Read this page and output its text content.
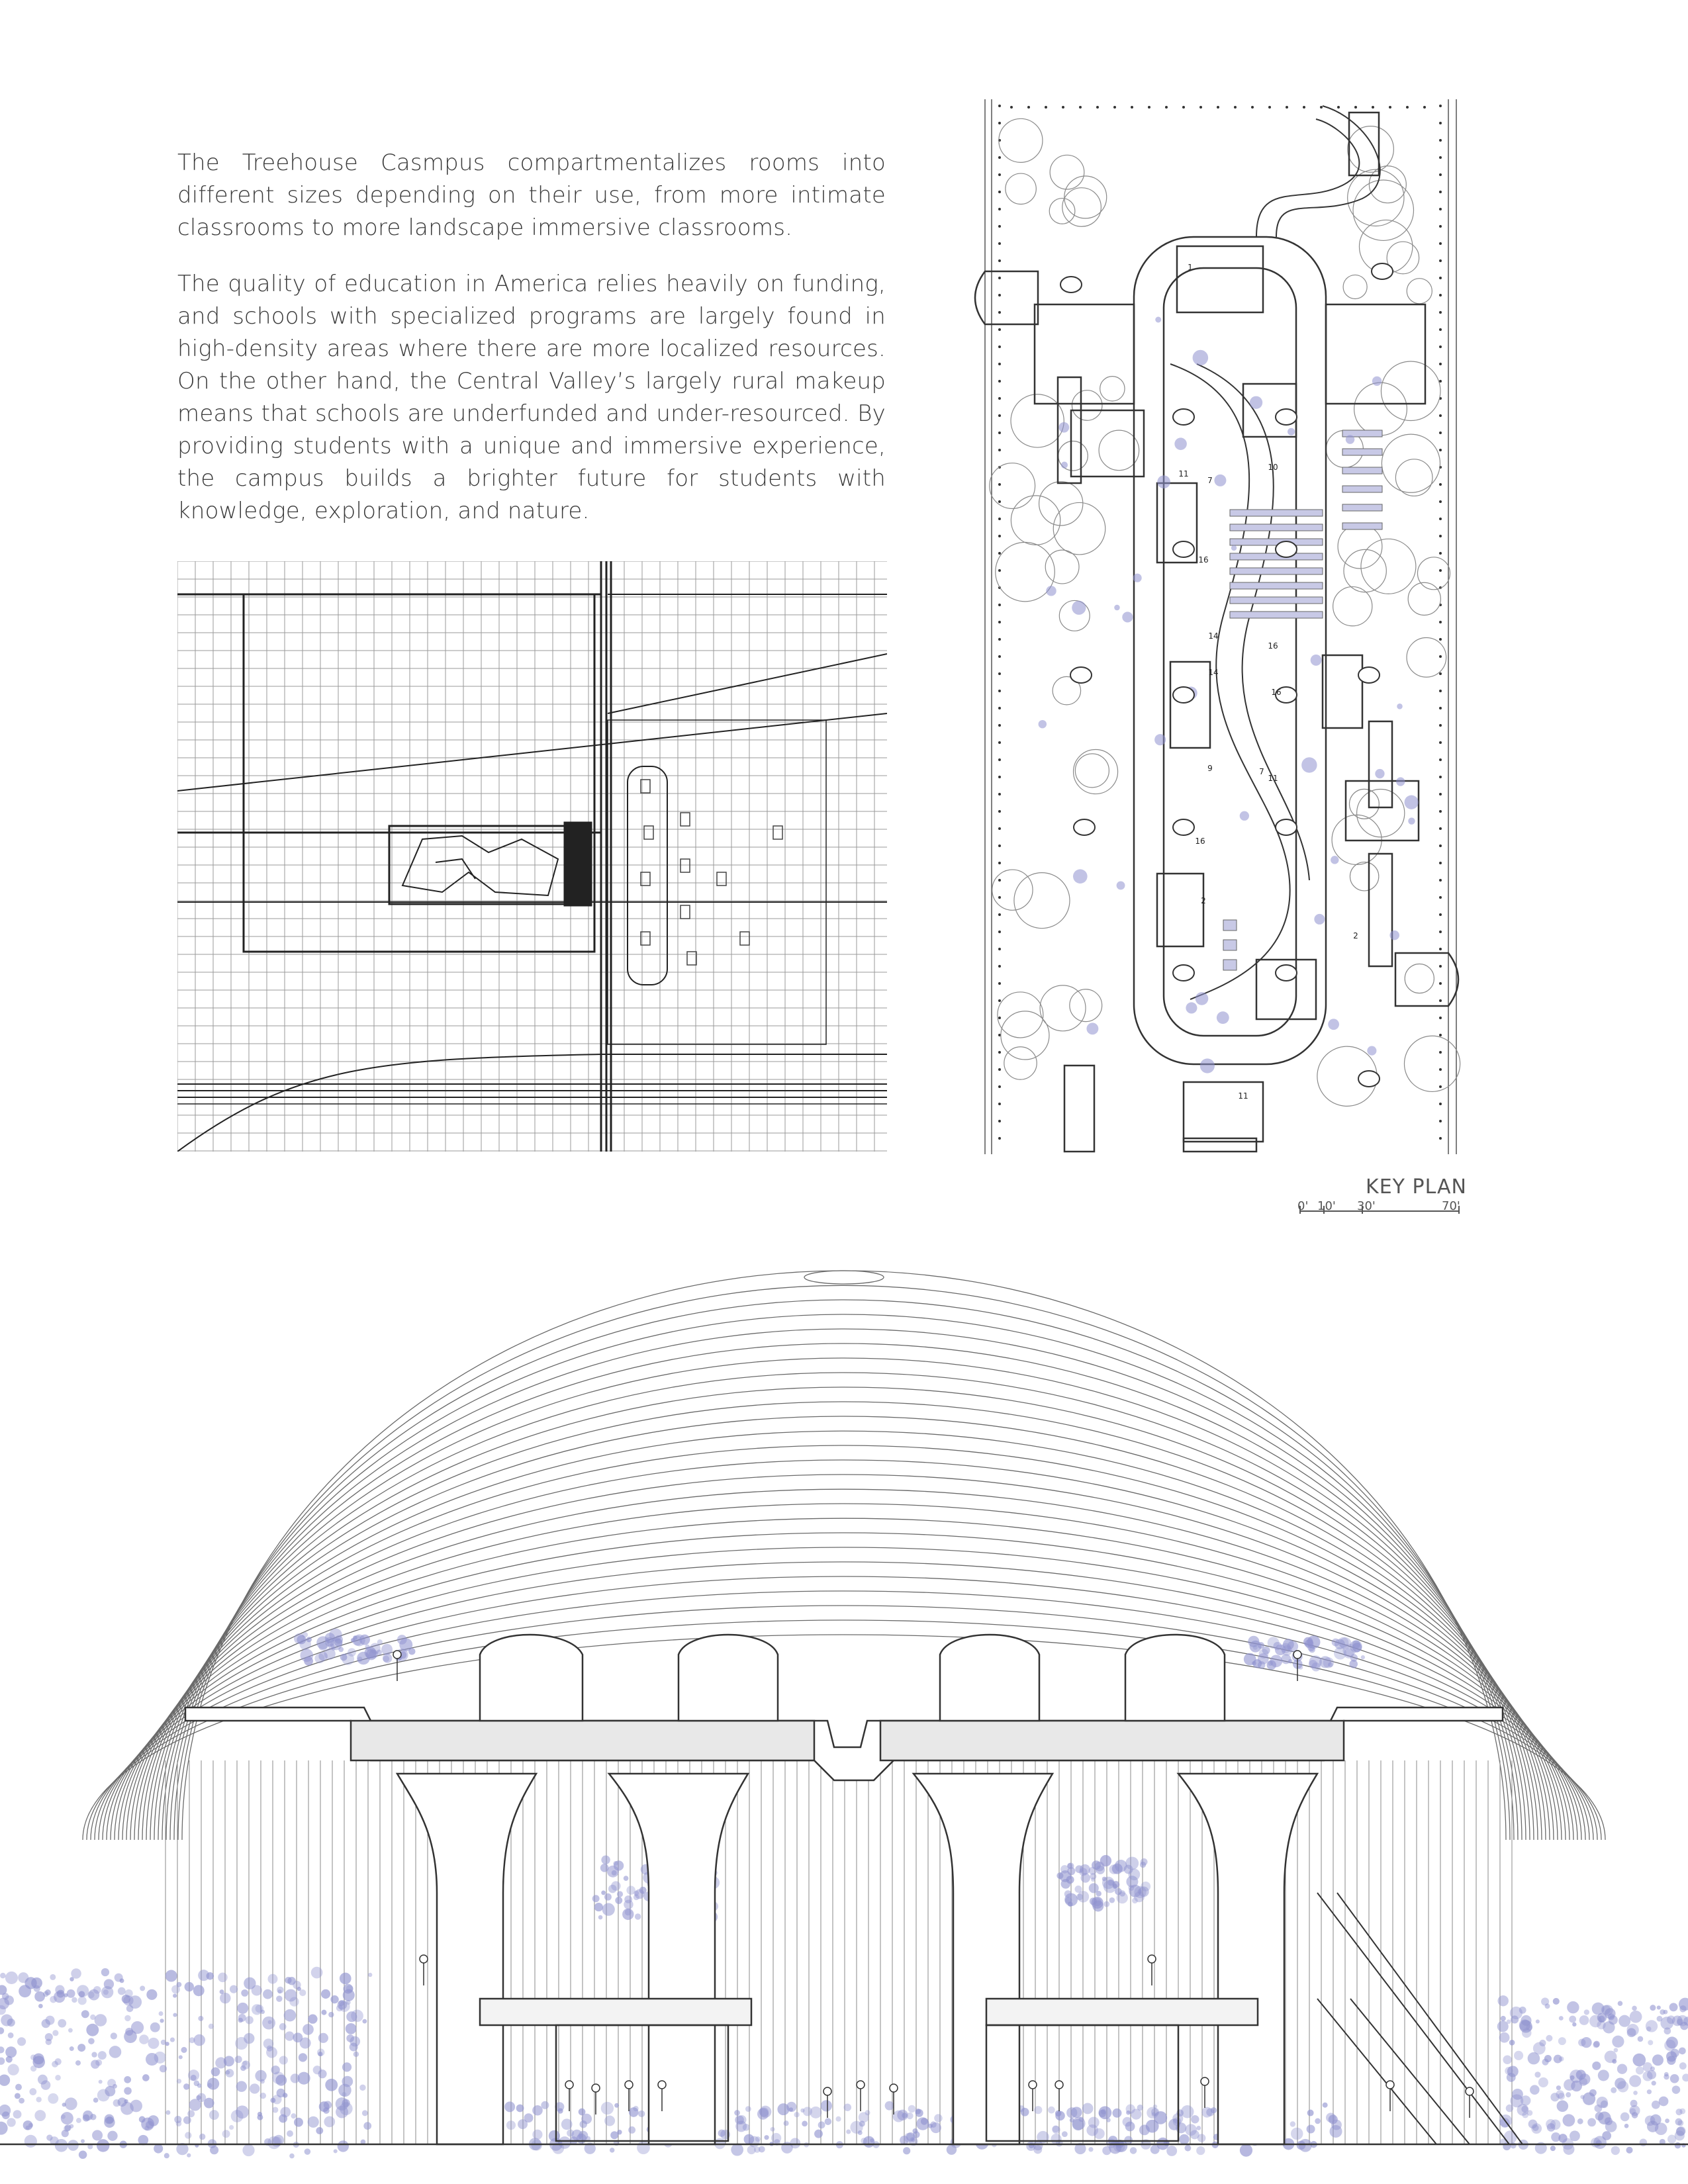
The Treehouse Casmpus compartmentalizes rooms into different sizes depending on their use, from more intimate classrooms to more landscape immersive classrooms.

The quality of education in America relies heavily on funding, and schools with specialized programs are largely found in high-density areas where there are more localized resources. On the other hand, the Central Valley’s largely rural makeup means that schools are underfunded and under-resourced. By providing students with a unique and immersive experience, the campus builds a brighter future for students with knowledge, exploration, and nature.

1
11
7
10
16
14
14
16
16
9	7
11
16
2
2
11
KEY PLAN
0' 10' 30'	70'
